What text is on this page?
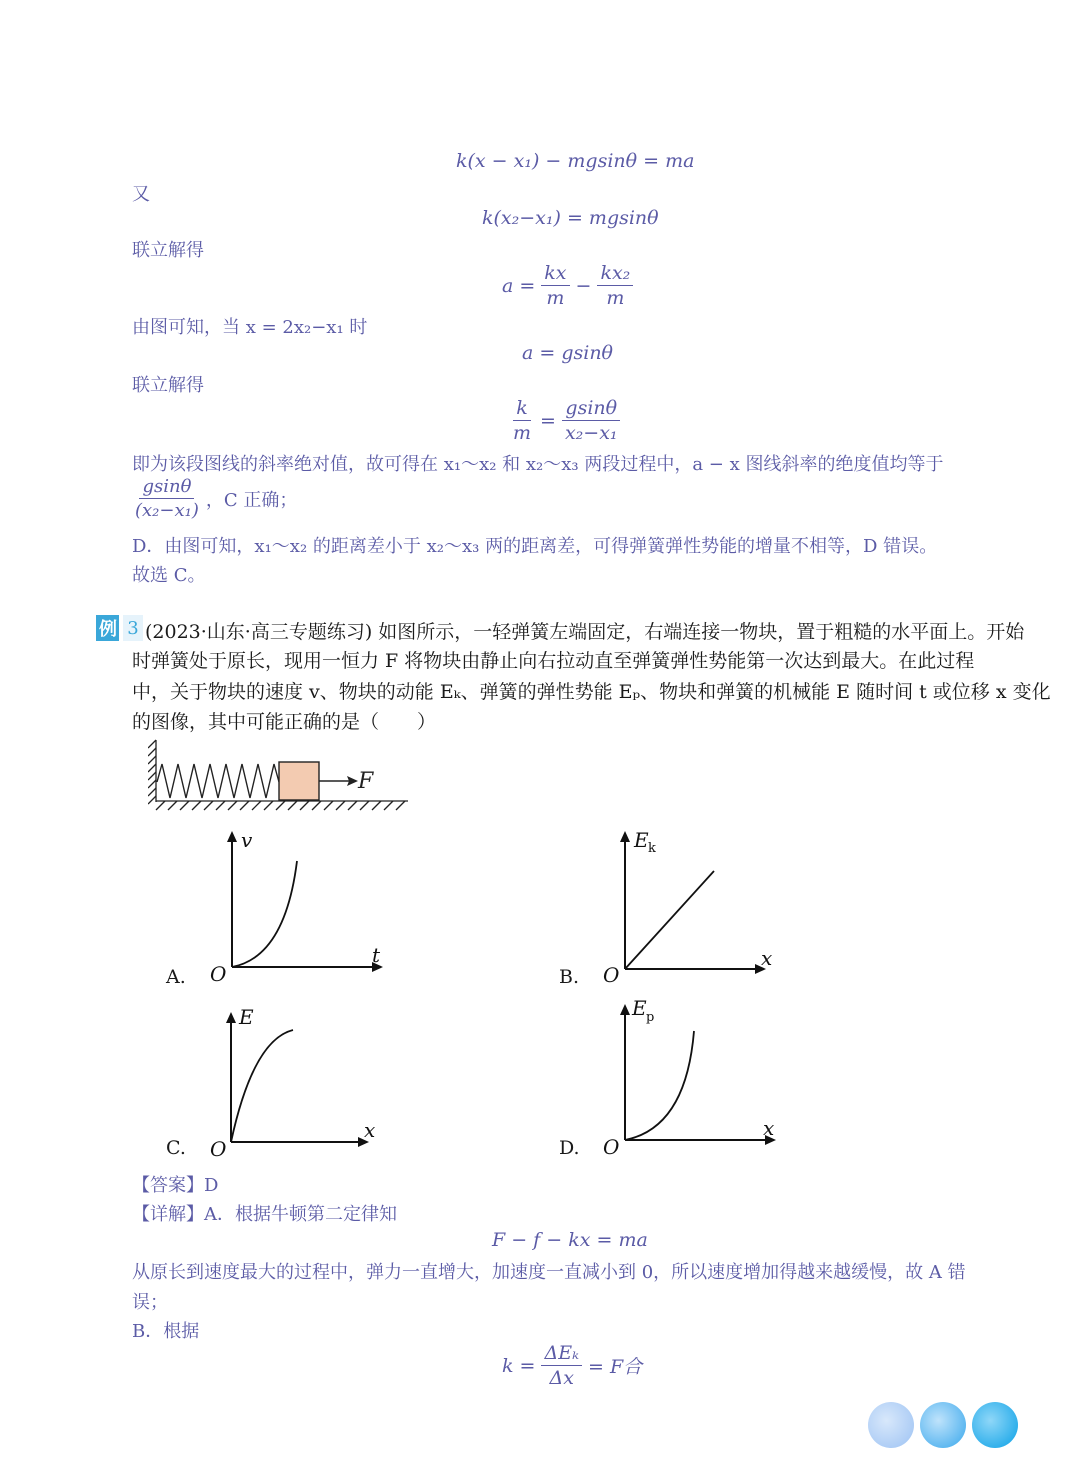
k(x − x₁) − mgsinθ = ma
又
k(x₂−x₁) = mgsinθ
联立解得
$a = \frac{kx}{m} - \frac{\text{kx₂}}{m}$
由图可知，当 x = 2x₂−x₁ 时
a = gsinθ
联立解得
$\frac{k}{m} = \frac{gsin\theta}{\text{x₂−x₁}}$
即为该段图线的斜率绝对值，故可得在 x₁～x₂ 和 x₂～x₃ 两段过程中，a − x 图线斜率的绝度值均等于
$\frac{gsin\theta}{\text{(x₂−x₁)}}$ ，C 正确；
D．由图可知，x₁～x₂ 的距离差小于 x₂～x₃ 两的距离差，可得弹簧弹性势能的增量不相等，D 错误。
故选 C。
例 3 (2023·山东·高三专题练习) 如图所示，一轻弹簧左端固定，右端连接一物块，置于粗糙的水平面上。开始
时弹簧处于原长，现用一恒力 F 将物块由静止向右拉动直至弹簧弹性势能第一次达到最大。在此过程
中，关于物块的速度 v、物块的动能 Eₖ、弹簧的弹性势能 Eₚ、物块和弹簧的机械能 E 随时间 t 或位移 x 变化
的图像，其中可能正确的是（　　）
F
A.
v
t
O	B.
E k
x
O
C.
E
x
O	D.
E p
x
O
【答案】D
【详解】A．根据牛顿第二定律知
F − f − kx = ma
从原长到速度最大的过程中，弹力一直增大，加速度一直减小到 0，所以速度增加得越来越缓慢，故 A 错
误；
B．根据
$k = \frac{\text{ΔEₖ}}{\Delta x} = F$合
